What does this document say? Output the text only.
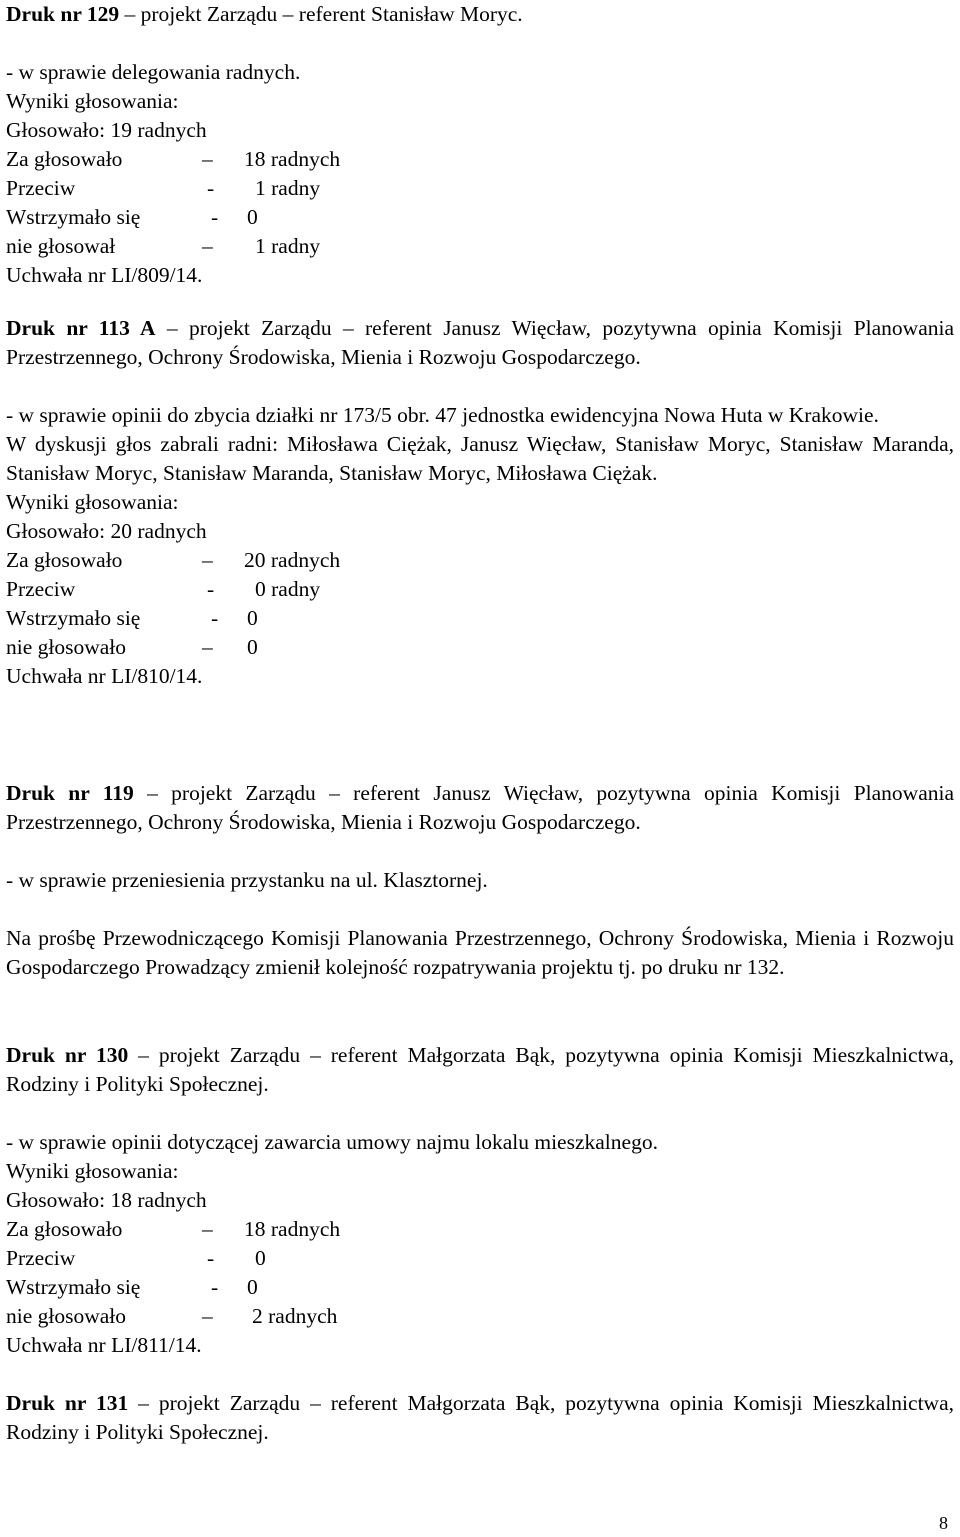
Druk nr 129 – projekt Zarządu – referent Stanisław Moryc.

- w sprawie delegowania radnych.

Wyniki głosowania:

Głosowało: 19 radnych

Za głosowało	– 18 radnych

Przeciw	- 1 radny

Wstrzymało się	- 0

nie głosował	– 1 radny

Uchwała nr LI/809/14.

Druk nr 113 A – projekt Zarządu – referent Janusz Więcław, pozytywna opinia Komisji Planowania Przestrzennego, Ochrony Środowiska, Mienia i Rozwoju Gospodarczego.

- w sprawie opinii do zbycia działki nr 173/5 obr. 47 jednostka ewidencyjna Nowa Huta w Krakowie.

W dyskusji głos zabrali radni: Miłosława Ciężak, Janusz Więcław, Stanisław Moryc, Stanisław Maranda, Stanisław Moryc, Stanisław Maranda, Stanisław Moryc, Miłosława Ciężak.

Wyniki głosowania:

Głosowało: 20 radnych

Za głosowało	– 20 radnych

Przeciw	- 0 radny

Wstrzymało się	- 0

nie głosowało	– 0

Uchwała nr LI/810/14.

Druk nr 119 – projekt Zarządu – referent Janusz Więcław, pozytywna opinia Komisji Planowania Przestrzennego, Ochrony Środowiska, Mienia i Rozwoju Gospodarczego.

- w sprawie przeniesienia przystanku na ul. Klasztornej.

Na prośbę Przewodniczącego Komisji Planowania Przestrzennego, Ochrony Środowiska, Mienia i Rozwoju Gospodarczego Prowadzący zmienił kolejność rozpatrywania projektu tj. po druku nr 132.

Druk nr 130 – projekt Zarządu – referent Małgorzata Bąk, pozytywna opinia Komisji Mieszkalnictwa, Rodziny i Polityki Społecznej.

- w sprawie opinii dotyczącej zawarcia umowy najmu lokalu mieszkalnego.

Wyniki głosowania:

Głosowało: 18 radnych

Za głosowało	– 18 radnych

Przeciw	- 0

Wstrzymało się	- 0

nie głosowało	– 2 radnych

Uchwała nr LI/811/14.

Druk nr 131 – projekt Zarządu – referent Małgorzata Bąk, pozytywna opinia Komisji Mieszkalnictwa, Rodziny i Polityki Społecznej.

8
